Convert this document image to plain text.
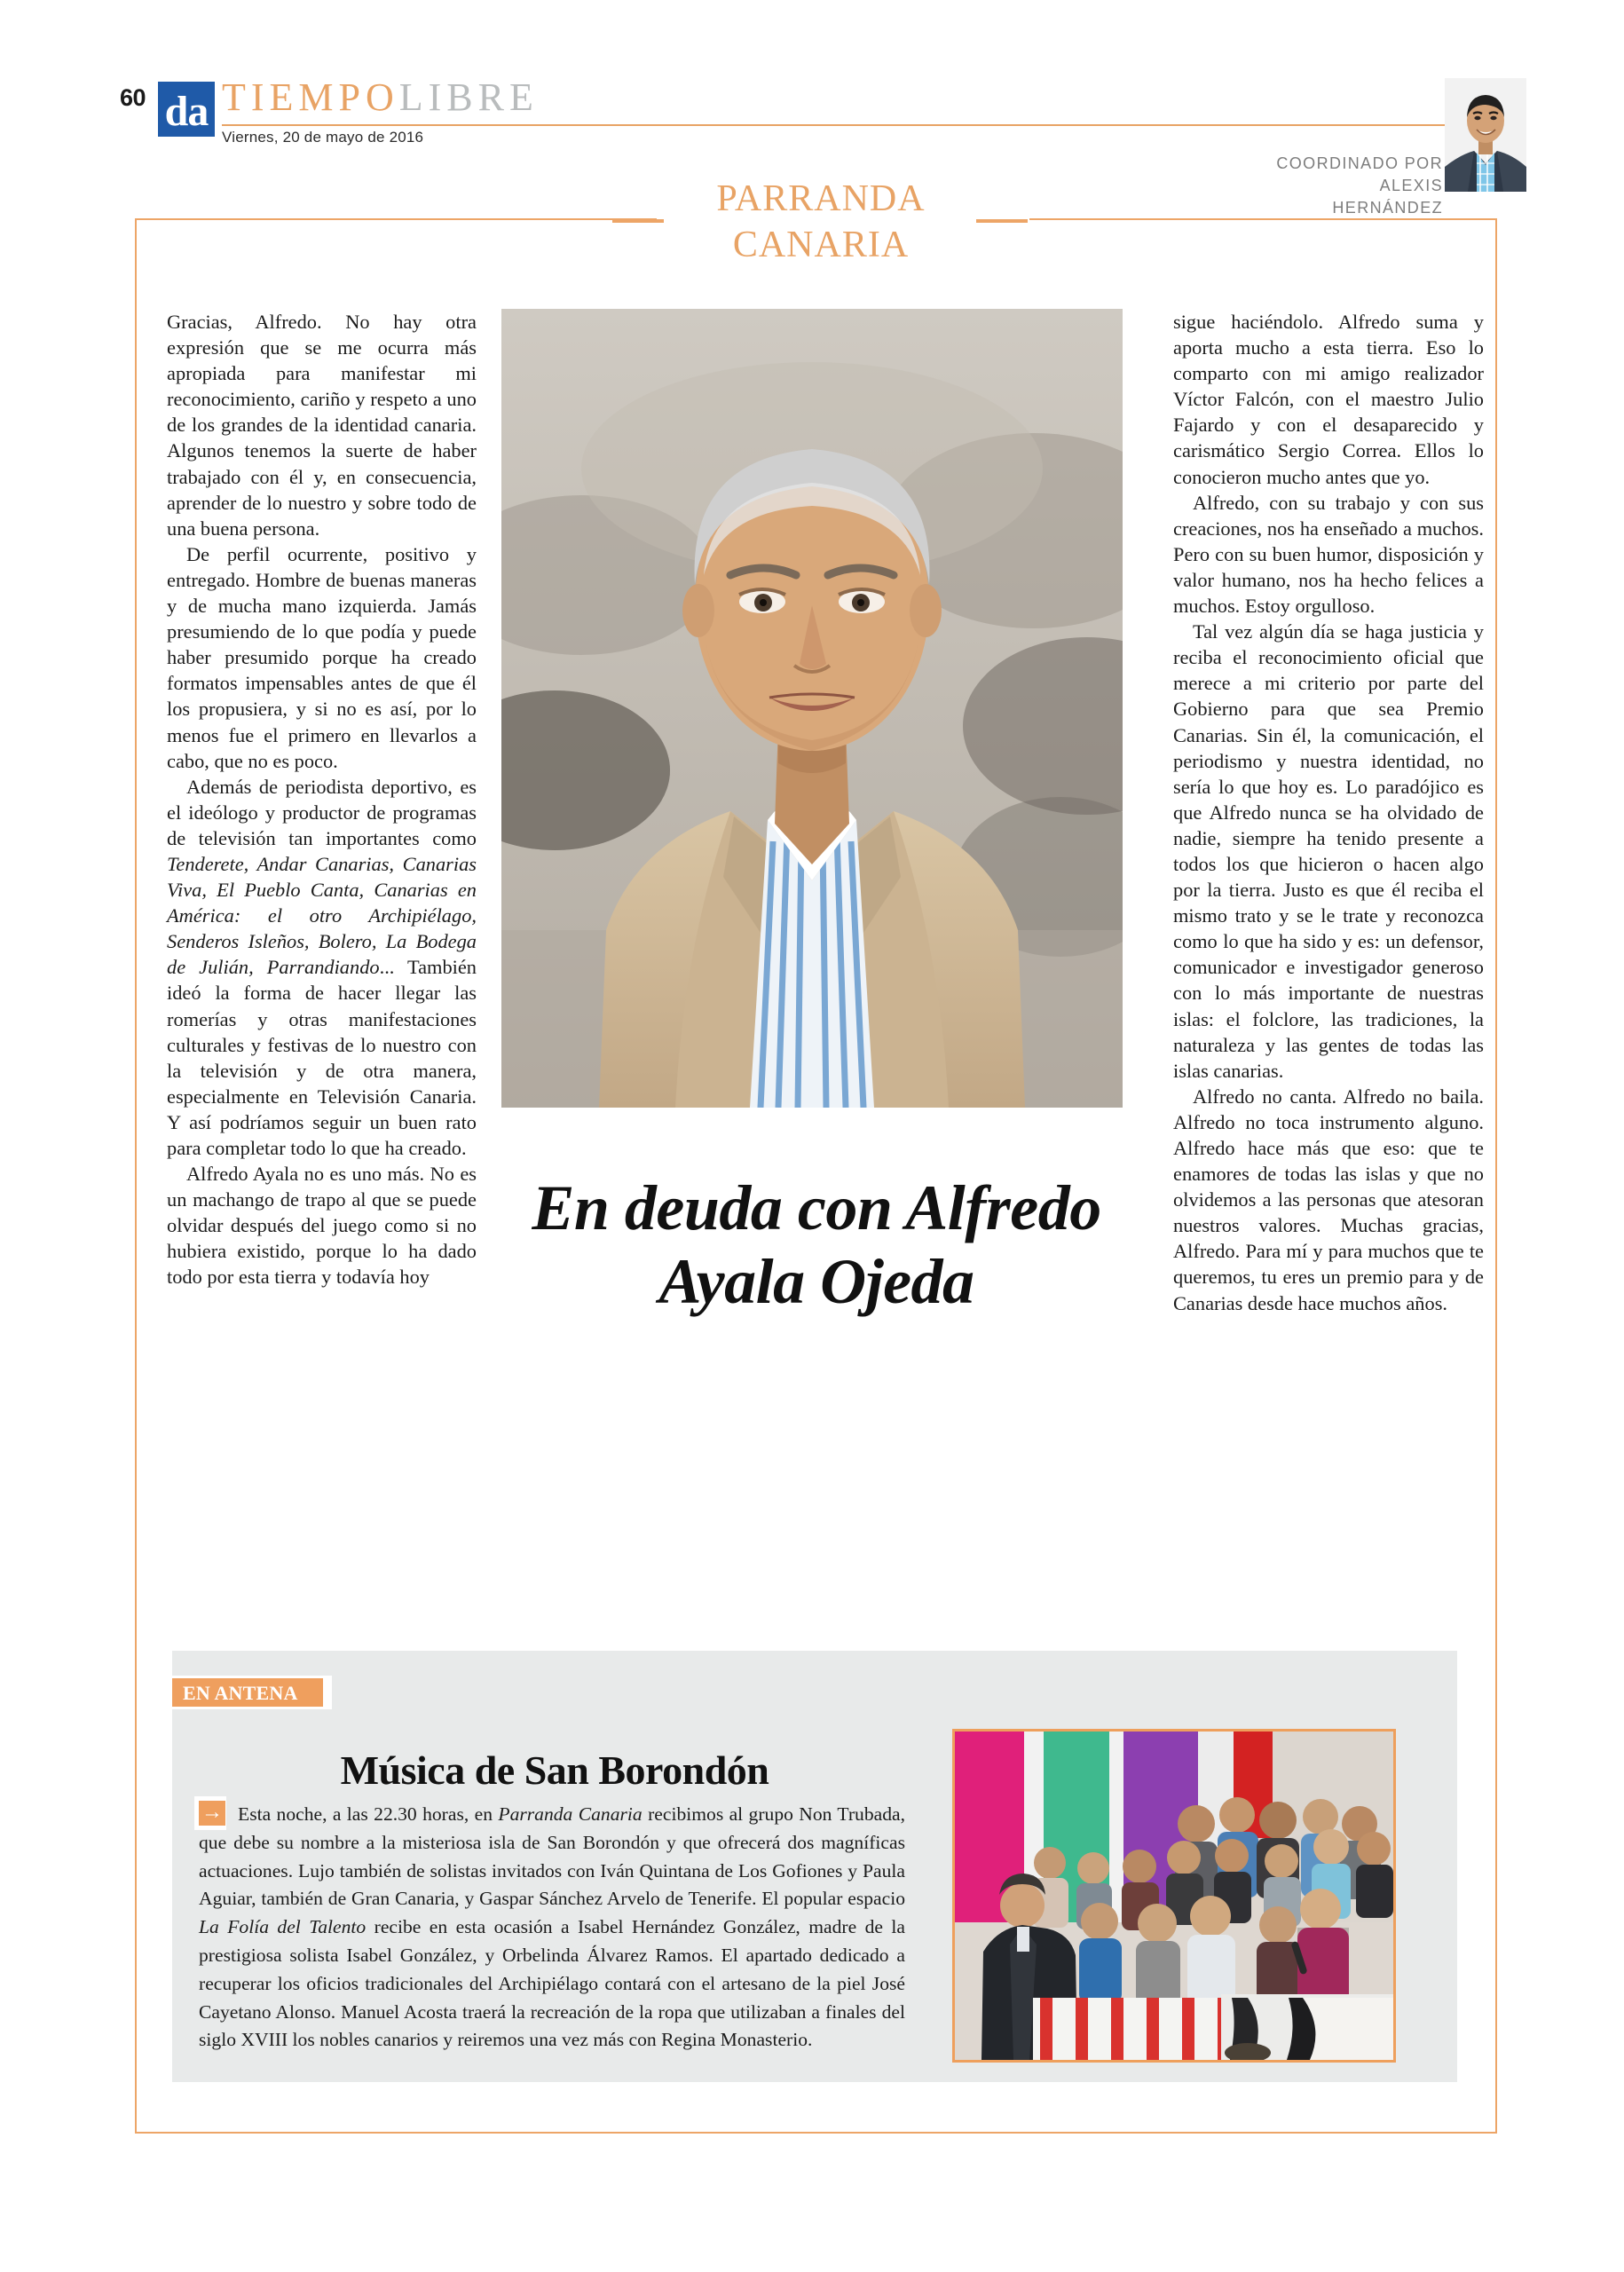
60 da TIEMPOLIBRE
Viernes, 20 de mayo de 2016
COORDINADO POR
ALEXIS
HERNÁNDEZ
PARRANDA
CANARIA

Gracias, Alfredo. No hay otra expresión que se me ocurra más apropiada para manifestar mi reconocimiento, cariño y respeto a uno de los grandes de la identidad canaria. Algunos tenemos la suerte de haber trabajado con él y, en consecuencia, aprender de lo nuestro y sobre todo de una buena persona.

De perfil ocurrente, positivo y entregado. Hombre de buenas maneras y de mucha mano izquierda. Jamás presumiendo de lo que podía y puede haber presumido porque ha creado formatos impensables antes de que él los propusiera, y si no es así, por lo menos fue el primero en llevarlos a cabo, que no es poco.

Además de periodista deportivo, es el ideólogo y productor de programas de televisión tan importantes como Tenderete, Andar Canarias, Canarias Viva, El Pueblo Canta, Canarias en América: el otro Archipiélago, Senderos Isleños, Bolero, La Bodega de Julián, Parrandiando... También ideó la forma de hacer llegar las romerías y otras manifestaciones culturales y festivas de lo nuestro con la televisión y de otra manera, especialmente en Televisión Canaria. Y así podríamos seguir un buen rato para completar todo lo que ha creado.

Alfredo Ayala no es uno más. No es un machango de trapo al que se puede olvidar después del juego como si no hubiera existido, porque lo ha dado todo por esta tierra y todavía hoy

En deuda con Alfredo Ayala Ojeda

sigue haciéndolo. Alfredo suma y aporta mucho a esta tierra. Eso lo comparto con mi amigo realizador Víctor Falcón, con el maestro Julio Fajardo y con el desaparecido y carismático Sergio Correa. Ellos lo conocieron mucho antes que yo.

Alfredo, con su trabajo y con sus creaciones, nos ha enseñado a muchos. Pero con su buen humor, disposición y valor humano, nos ha hecho felices a muchos. Estoy orgulloso.

Tal vez algún día se haga justicia y reciba el reconocimiento oficial que merece a mi criterio por parte del Gobierno para que sea Premio Canarias. Sin él, la comunicación, el periodismo y nuestra identidad, no sería lo que hoy es. Lo paradójico es que Alfredo nunca se ha olvidado de nadie, siempre ha tenido presente a todos los que hicieron o hacen algo por la tierra. Justo es que él reciba el mismo trato y se le trate y reconozca como lo que ha sido y es: un defensor, comunicador e investigador generoso con lo más importante de nuestras islas: el folclore, las tradiciones, la naturaleza y las gentes de todas las islas canarias.

Alfredo no canta. Alfredo no baila. Alfredo no toca instrumento alguno. Alfredo hace más que eso: que te enamores de todas las islas y que no olvidemos a las personas que atesoran nuestros valores. Muchas gracias, Alfredo. Para mí y para muchos que te queremos, tu eres un premio para y de Canarias desde hace muchos años.

EN ANTENA
Música de San Borondón
→ Esta noche, a las 22.30 horas, en Parranda Canaria recibimos al grupo Non Trubada, que debe su nombre a la misteriosa isla de San Borondón y que ofrecerá dos magníficas actuaciones. Lujo también de solistas invitados con Iván Quintana de Los Gofiones y Paula Aguiar, también de Gran Canaria, y Gaspar Sánchez Arvelo de Tenerife. El popular espacio La Folía del Talento recibe en esta ocasión a Isabel Hernández González, madre de la prestigiosa solista Isabel González, y Orbelinda Álvarez Ramos. El apartado dedicado a recuperar los oficios tradicionales del Archipiélago contará con el artesano de la piel José Cayetano Alonso. Manuel Acosta traerá la recreación de la ropa que utilizaban a finales del siglo XVIII los nobles canarios y reiremos una vez más con Regina Monasterio.
